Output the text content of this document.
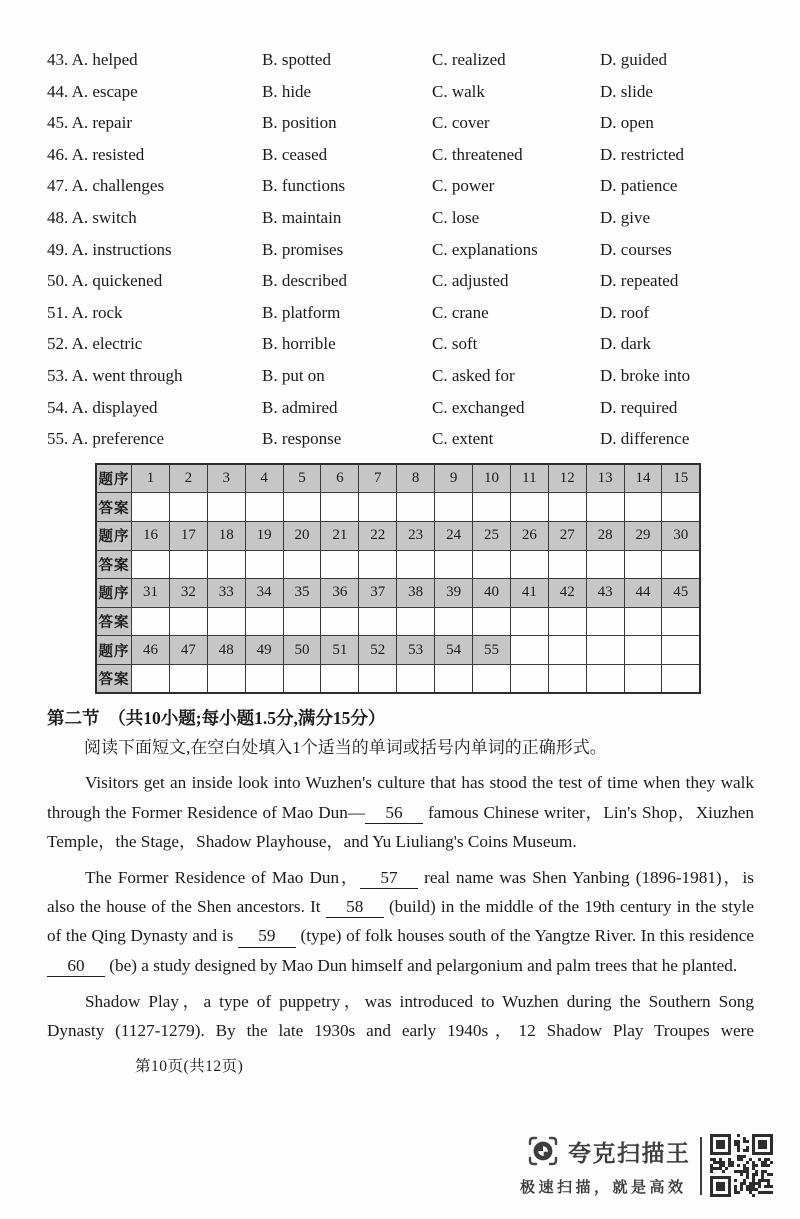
43. A. helped	B. spotted	C. realized	D. guided
44. A. escape	B. hide	C. walk	D. slide
45. A. repair	B. position	C. cover	D. open
46. A. resisted	B. ceased	C. threatened	D. restricted
47. A. challenges	B. functions	C. power	D. patience
48. A. switch	B. maintain	C. lose	D. give
49. A. instructions	B. promises	C. explanations	D. courses
50. A. quickened	B. described	C. adjusted	D. repeated
51. A. rock	B. platform	C. crane	D. roof
52. A. electric	B. horrible	C. soft	D. dark
53. A. went through	B. put on	C. asked for	D. broke into
54. A. displayed	B. admired	C. exchanged	D. required
55. A. preference	B. response	C. extent	D. difference
题序	1	2	3	4	5	6	7	8	9	10	11	12	13	14	15
答案															
题序	16	17	18	19	20	21	22	23	24	25	26	27	28	29	30
答案															
题序	31	32	33	34	35	36	37	38	39	40	41	42	43	44	45
答案															
题序	46	47	48	49	50	51	52	53	54	55					
答案															
第二节　（共10小题;每小题1.5分,满分15分）
阅读下面短文,在空白处填入1个适当的单词或括号内单词的正确形式。

Visitors get an inside look into Wuzhen's culture that has stood the test of time when they walk through the Former Residence of Mao Dun— 56 famous Chinese writer，Lin's Shop，Xiuzhen Temple，the Stage，Shadow Playhouse，and Yu Liuliang's Coins Museum.

The Former Residence of Mao Dun， 57 real name was Shen Yanbing (1896-1981)，is also the house of the Shen ancestors. It 58 (build) in the middle of the 19th century in the style of the Qing Dynasty and is 59 (type) of folk houses south of the Yangtze River. In this residence 60 (be) a study designed by Mao Dun himself and pelargonium and palm trees that he planted.

Shadow Play，a type of puppetry，was introduced to Wuzhen during the Southern Song Dynasty (1127-1279). By the late 1930s and early 1940s，12 Shadow Play Troupes were

第10页(共12页)
夸克扫描王
极速扫描，就是高效
